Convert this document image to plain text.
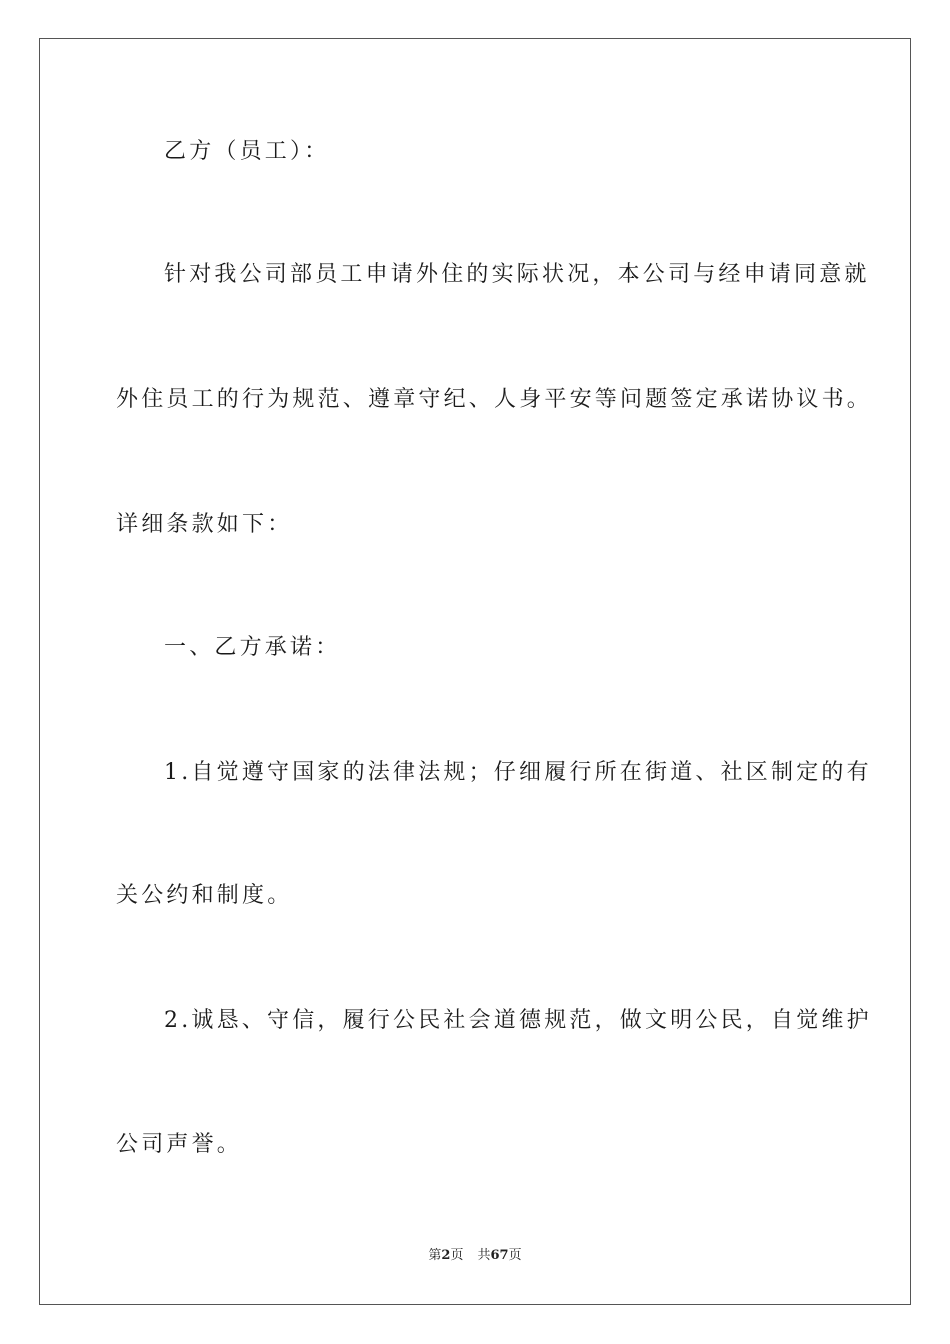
乙方（员工）：
针对我公司部员工申请外住的实际状况，本公司与经申请同意就
外住员工的行为规范、遵章守纪、人身平安等问题签定承诺协议书。
详细条款如下：
一、乙方承诺：
1.自觉遵守国家的法律法规；仔细履行所在街道、社区制定的有
关公约和制度。
2.诚恳、守信，履行公民社会道德规范，做文明公民，自觉维护
公司声誉。
第2页 共67页
